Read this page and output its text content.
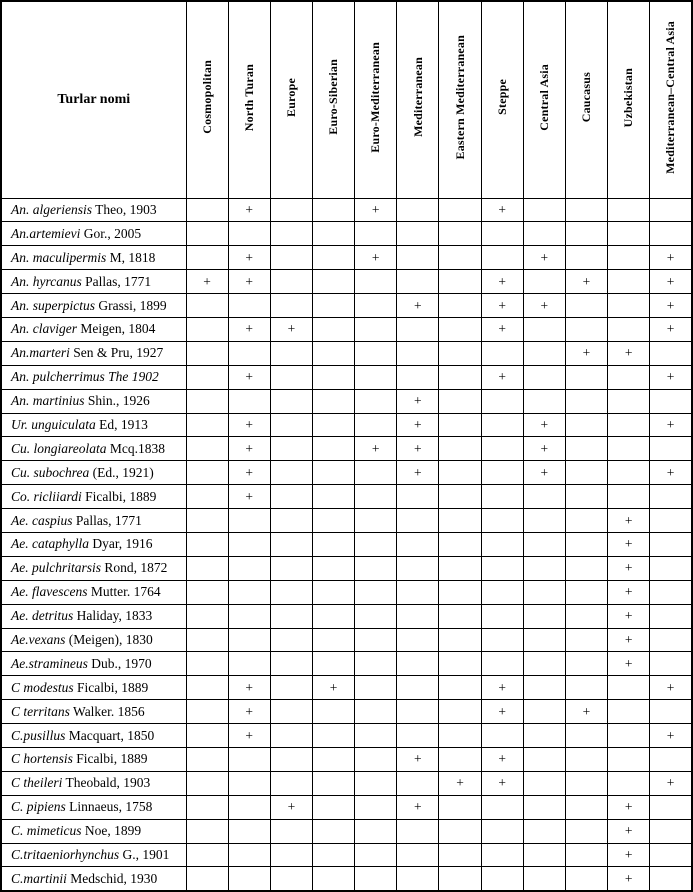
Turlar nomi	Cosmopolitan	North Turan	Europe	Euro-Siberian	Euro-Mediterranean	Mediterranean	Eastern Mediterranean	Steppe	Central Asia	Caucasus	Uzbekistan	Mediterranean–Central Asia
An. algeriensis Theo, 1903		+			+			+				
An.artemievi Gor., 2005												
An. maculipermis M, 1818		+			+				+			+
An. hyrcanus Pallas, 1771	+	+						+		+		+
An. superpictus Grassi, 1899						+		+	+			+
An. claviger Meigen, 1804		+	+					+				+
An.marteri Sen & Pru, 1927										+	+	
An. pulcherrimus The 1902		+						+				+
An. martinius Shin., 1926						+						
Ur. unguiculata Ed, 1913		+				+			+			+
Cu. longiareolata Mcq.1838		+			+	+			+			
Cu. subochrea (Ed., 1921)		+				+			+			+
Co. ricliiardi Ficalbi, 1889		+										
Ae. caspius Pallas, 1771											+	
Ae. cataphylla Dyar, 1916											+	
Ae. pulchritarsis Rond, 1872											+	
Ae. flavescens Mutter. 1764											+	
Ae. detritus Haliday, 1833											+	
Ae.vexans (Meigen), 1830											+	
Ae.stramineus Dub., 1970											+	
C modestus Ficalbi, 1889		+		+				+				+
C territans Walker. 1856		+						+		+		
C.pusillus Macquart, 1850		+										+
C hortensis Ficalbi, 1889						+		+				
C theileri Theobald, 1903							+	+				+
C. pipiens Linnaeus, 1758			+			+					+	
C. mimeticus Noe, 1899											+	
C.tritaeniorhynchus G., 1901											+	
C.martinii Medschid, 1930											+	
